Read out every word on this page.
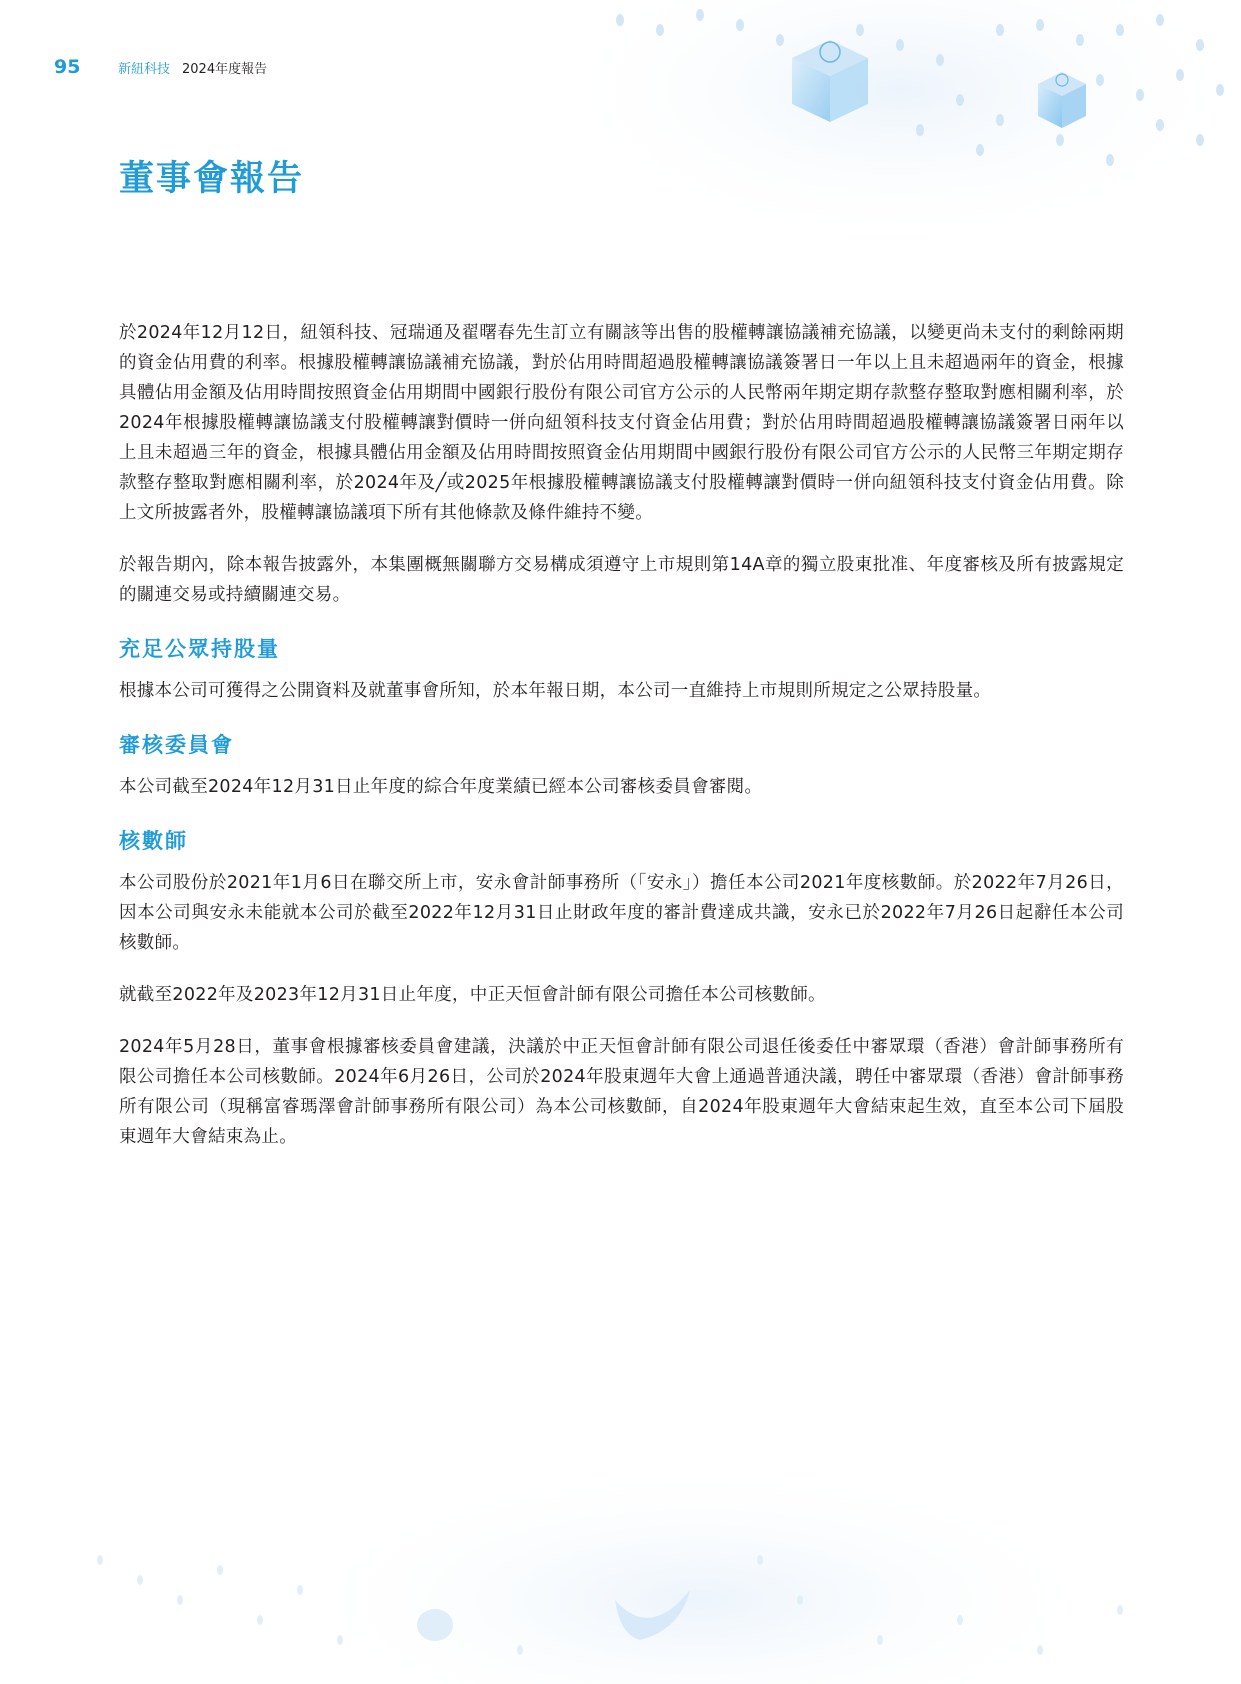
95	新紐科技 2024年度報告
董事會報告

於2024年12月12日，紐領科技、冠瑞通及翟曙春先生訂立有關該等出售的股權轉讓協議補充協議，以變更尚未支付的剩餘兩期的資金佔用費的利率。根據股權轉讓協議補充協議，對於佔用時間超過股權轉讓協議簽署日一年以上且未超過兩年的資金，根據具體佔用金額及佔用時間按照資金佔用期間中國銀行股份有限公司官方公示的人民幣兩年期定期存款整存整取對應相關利率，於2024年根據股權轉讓協議支付股權轉讓對價時一併向紐領科技支付資金佔用費；對於佔用時間超過股權轉讓協議簽署日兩年以上且未超過三年的資金，根據具體佔用金額及佔用時間按照資金佔用期間中國銀行股份有限公司官方公示的人民幣三年期定期存款整存整取對應相關利率，於2024年及╱或2025年根據股權轉讓協議支付股權轉讓對價時一併向紐領科技支付資金佔用費。除上文所披露者外，股權轉讓協議項下所有其他條款及條件維持不變。

於報告期內，除本報告披露外，本集團概無關聯方交易構成須遵守上市規則第14A章的獨立股東批准、年度審核及所有披露規定的關連交易或持續關連交易。

充足公眾持股量

根據本公司可獲得之公開資料及就董事會所知，於本年報日期，本公司一直維持上市規則所規定之公眾持股量。

審核委員會

本公司截至2024年12月31日止年度的綜合年度業績已經本公司審核委員會審閱。

核數師

本公司股份於2021年1月6日在聯交所上市，安永會計師事務所（「安永」）擔任本公司2021年度核數師。於2022年7月26日，因本公司與安永未能就本公司於截至2022年12月31日止財政年度的審計費達成共識，安永已於2022年7月26日起辭任本公司核數師。

就截至2022年及2023年12月31日止年度，中正天恒會計師有限公司擔任本公司核數師。

2024年5月28日，董事會根據審核委員會建議，決議於中正天恒會計師有限公司退任後委任中審眾環（香港）會計師事務所有限公司擔任本公司核數師。2024年6月26日，公司於2024年股東週年大會上通過普通決議，聘任中審眾環（香港）會計師事務所有限公司（現稱富睿瑪澤會計師事務所有限公司）為本公司核數師，自2024年股東週年大會結束起生效，直至本公司下屆股東週年大會結束為止。
